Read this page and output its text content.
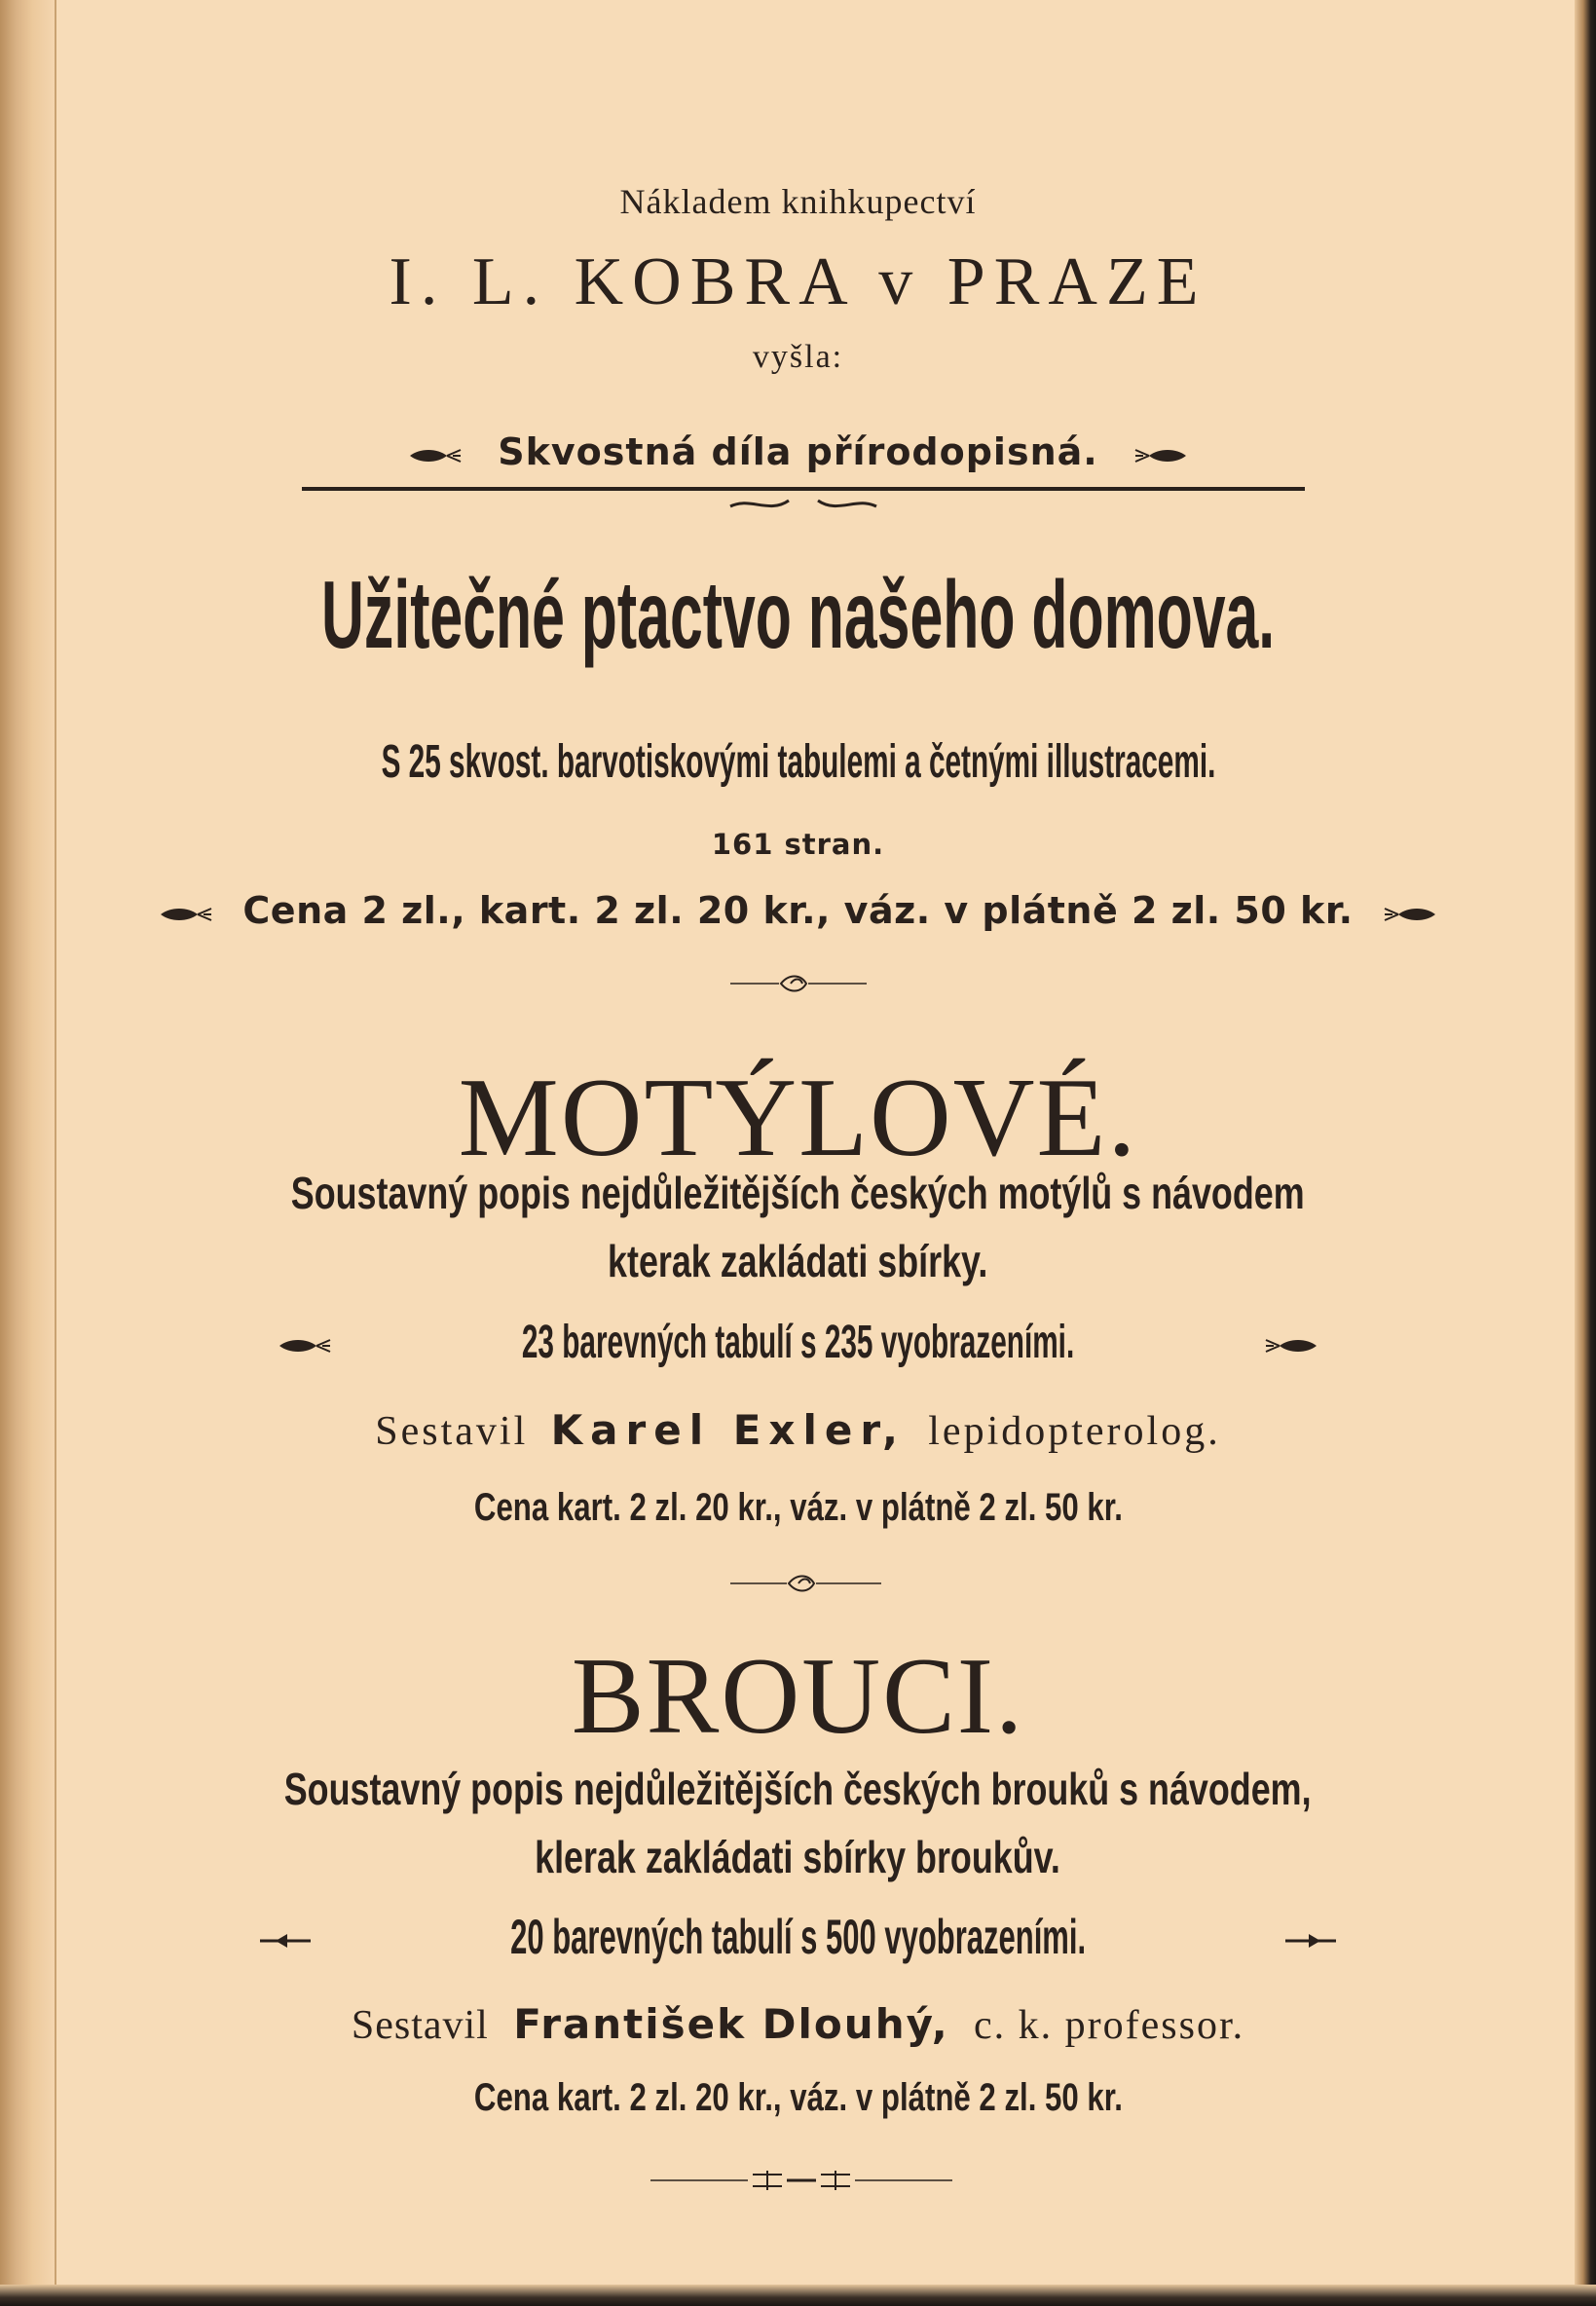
Nákladem knihkupectví
I. L. KOBRA v PRAZE
vyšla:
Skvostná díla přírodopisná.
Užitečné ptactvo našeho domova.
S 25 skvost. barvotiskovými tabulemi a četnými illustracemi.
161 stran.
Cena 2 zl., kart. 2 zl. 20 kr., váz. v plátně 2 zl. 50 kr.
MOTÝLOVÉ.
Soustavný popis nejdůležitějších českých motýlů s návodem
kterak zakládati sbírky.
23 barevných tabulí s 235 vyobrazeními.
Sestavil Karel Exler, lepidopterolog.
Cena kart. 2 zl. 20 kr., váz. v plátně 2 zl. 50 kr.
BROUCI.
Soustavný popis nejdůležitějších českých brouků s návodem,
klerak zakládati sbírky broukův.
20 barevných tabulí s 500 vyobrazeními.
Sestavil František Dlouhý, c. k. professor.
Cena kart. 2 zl. 20 kr., váz. v plátně 2 zl. 50 kr.
